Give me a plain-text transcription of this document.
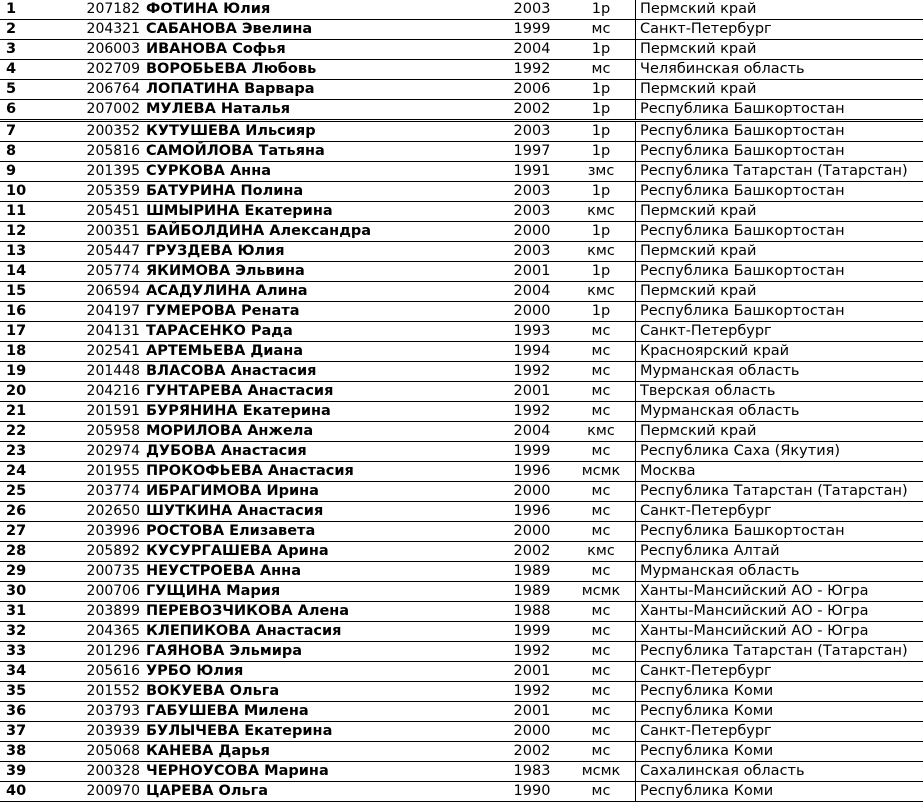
1	207182		ФОТИНА Юлия	2003	1р	Пермский край
2	204321		САБАНОВА Эвелина	1999	мс	Санкт-Петербург
3	206003		ИВАНОВА Софья	2004	1р	Пермский край
4	202709		ВОРОБЬЕВА Любовь	1992	мс	Челябинская область
5	206764		ЛОПАТИНА Варвара	2006	1р	Пермский край
6	207002		МУЛЕВА Наталья	2002	1р	Республика Башкортостан
7	200352		КУТУШЕВА Ильсияр	2003	1р	Республика Башкортостан
8	205816		САМОЙЛОВА Татьяна	1997	1р	Республика Башкортостан
9	201395		СУРКОВА Анна	1991	змс	Республика Татарстан (Татарстан)
10	205359		БАТУРИНА Полина	2003	1р	Республика Башкортостан
11	205451		ШМЫРИНА Екатерина	2003	кмс	Пермский край
12	200351		БАЙБОЛДИНА Александра	2000	1р	Республика Башкортостан
13	205447		ГРУЗДЕВА Юлия	2003	кмс	Пермский край
14	205774		ЯКИМОВА Эльвина	2001	1р	Республика Башкортостан
15	206594		АСАДУЛИНА Алина	2004	кмс	Пермский край
16	204197		ГУМЕРОВА Рената	2000	1р	Республика Башкортостан
17	204131		ТАРАСЕНКО Рада	1993	мс	Санкт-Петербург
18	202541		АРТЕМЬЕВА Диана	1994	мс	Красноярский край
19	201448		ВЛАСОВА Анастасия	1992	мс	Мурманская область
20	204216		ГУНТАРЕВА Анастасия	2001	мс	Тверская область
21	201591		БУРЯНИНА Екатерина	1992	мс	Мурманская область
22	205958		МОРИЛОВА Анжела	2004	кмс	Пермский край
23	202974		ДУБОВА Анастасия	1999	мс	Республика Саха (Якутия)
24	201955		ПРОКОФЬЕВА Анастасия	1996	мсмк	Москва
25	203774		ИБРАГИМОВА Ирина	2000	мс	Республика Татарстан (Татарстан)
26	202650		ШУТКИНА Анастасия	1996	мс	Санкт-Петербург
27	203996		РОСТОВА Елизавета	2000	мс	Республика Башкортостан
28	205892		КУСУРГАШЕВА Арина	2002	кмс	Республика Алтай
29	200735		НЕУСТРОЕВА Анна	1989	мс	Мурманская область
30	200706		ГУЩИНА Мария	1989	мсмк	Ханты-Мансийский АО - Югра
31	203899		ПЕРЕВОЗЧИКОВА Алена	1988	мс	Ханты-Мансийский АО - Югра
32	204365		КЛЕПИКОВА Анастасия	1999	мс	Ханты-Мансийский АО - Югра
33	201296		ГАЯНОВА Эльмира	1992	мс	Республика Татарстан (Татарстан)
34	205616		УРБО Юлия	2001	мс	Санкт-Петербург
35	201552		ВОКУЕВА Ольга	1992	мс	Республика Коми
36	203793		ГАБУШЕВА Милена	2001	мс	Республика Коми
37	203939		БУЛЫЧЕВА Екатерина	2000	мс	Санкт-Петербург
38	205068		КАНЕВА Дарья	2002	мс	Республика Коми
39	200328		ЧЕРНОУСОВА Марина	1983	мсмк	Сахалинская область
40	200970		ЦАРЕВА Ольга	1990	мс	Республика Коми
